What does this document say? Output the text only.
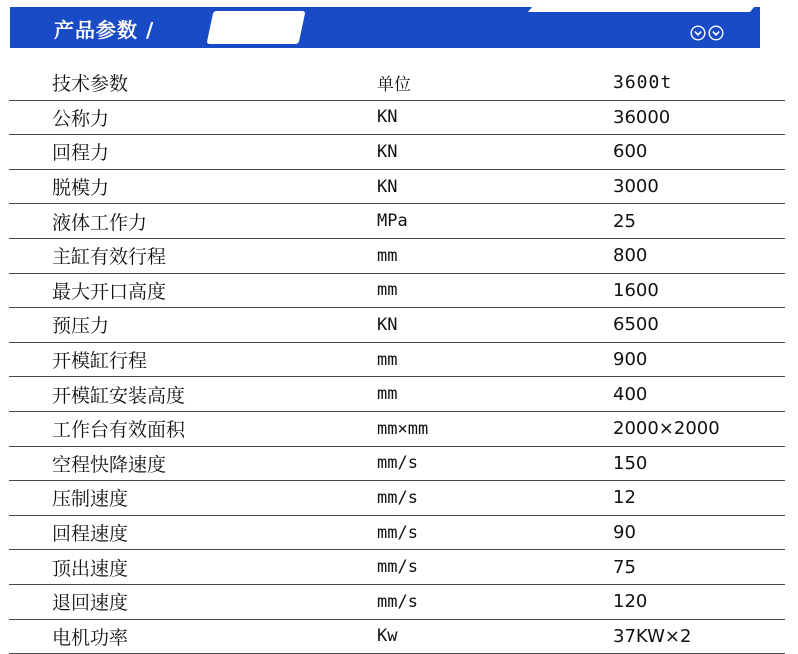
产品参数 /
技术参数	单位	3600t
公称力	KN	36000
回程力	KN	600
脱模力	KN	3000
液体工作力	MPa	25
主缸有效行程	mm	800
最大开口高度	mm	1600
预压力	KN	6500
开模缸行程	mm	900
开模缸安装高度	mm	400
工作台有效面积	mm×mm	2000×2000
空程快降速度	mm/s	150
压制速度	mm/s	12
回程速度	mm/s	90
顶出速度	mm/s	75
退回速度	mm/s	120
电机功率	Kw	37KW×2
